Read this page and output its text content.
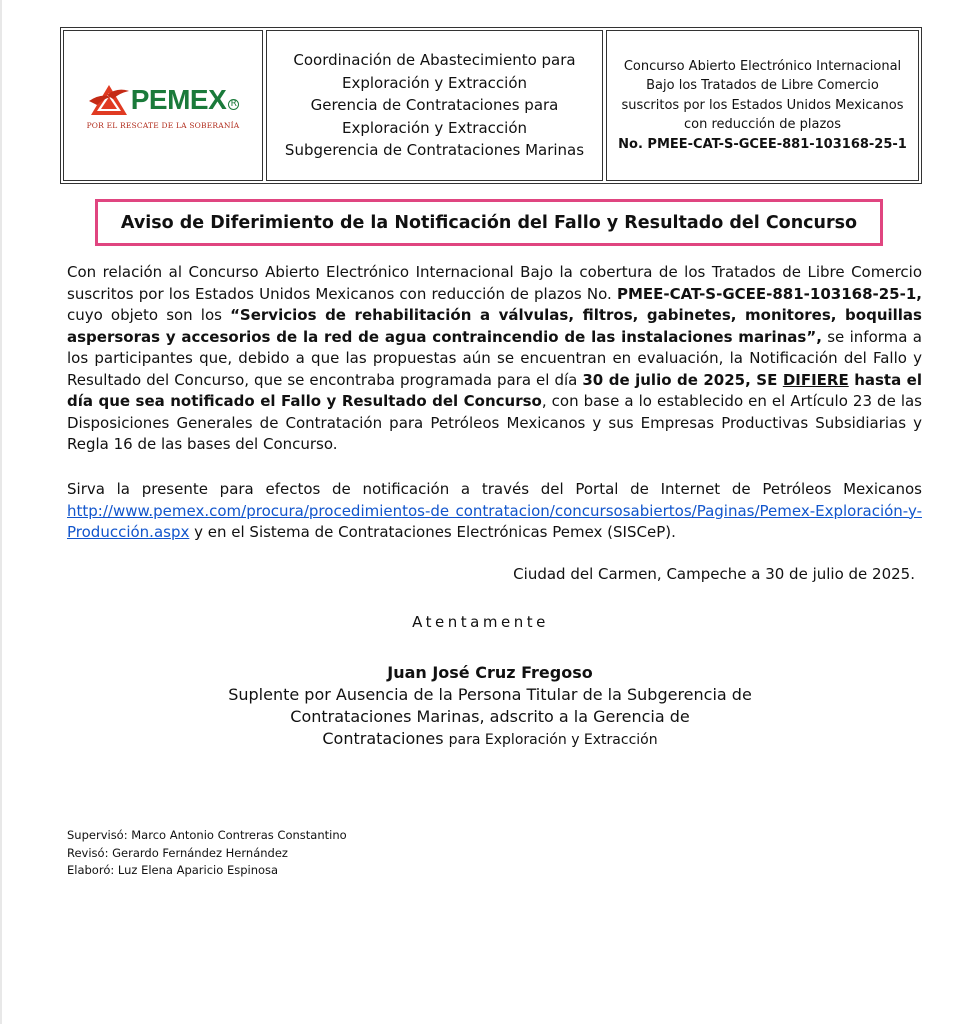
PEMEX R
POR EL RESCATE DE LA SOBERANÍA
Coordinación de Abastecimiento para
Exploración y Extracción
Gerencia de Contrataciones para
Exploración y Extracción
Subgerencia de Contrataciones Marinas
Concurso Abierto Electrónico Internacional
Bajo los Tratados de Libre Comercio
suscritos por los Estados Unidos Mexicanos
con reducción de plazos
No. PMEE-CAT-S-GCEE-881-103168-25-1
Aviso de Diferimiento de la Notificación del Fallo y Resultado del Concurso
Con relación al Concurso Abierto Electrónico Internacional Bajo la cobertura de los Tratados de Libre Comercio suscritos por los Estados Unidos Mexicanos con reducción de plazos No. PMEE-CAT-S-GCEE-881-103168-25-1, cuyo objeto son los “Servicios de rehabilitación a válvulas, filtros, gabinetes, monitores, boquillas aspersoras y accesorios de la red de agua contraincendio de las instalaciones marinas”, se informa a los participantes que, debido a que las propuestas aún se encuentran en evaluación, la Notificación del Fallo y Resultado del Concurso, que se encontraba programada para el día 30 de julio de 2025, SE DIFIERE hasta el día que sea notificado el Fallo y Resultado del Concurso, con base a lo establecido en el Artículo 23 de las Disposiciones Generales de Contratación para Petróleos Mexicanos y sus Empresas Productivas Subsidiarias y Regla 16 de las bases del Concurso.
Sirva la presente para efectos de notificación a través del Portal de Internet de Petróleos Mexicanos http://www.pemex.com/procura/procedimientos-de contratacion/concursosabiertos/Paginas/Pemex-Exploración-y-Producción.aspx y en el Sistema de Contrataciones Electrónicas Pemex (SISCeP).
Ciudad del Carmen, Campeche a 30 de julio de 2025.
Atentamente
Juan José Cruz Fregoso
Suplente por Ausencia de la Persona Titular de la Subgerencia de
Contrataciones Marinas, adscrito a la Gerencia de
Contrataciones para Exploración y Extracción
Supervisó: Marco Antonio Contreras Constantino
Revisó: Gerardo Fernández Hernández
Elaboró: Luz Elena Aparicio Espinosa
